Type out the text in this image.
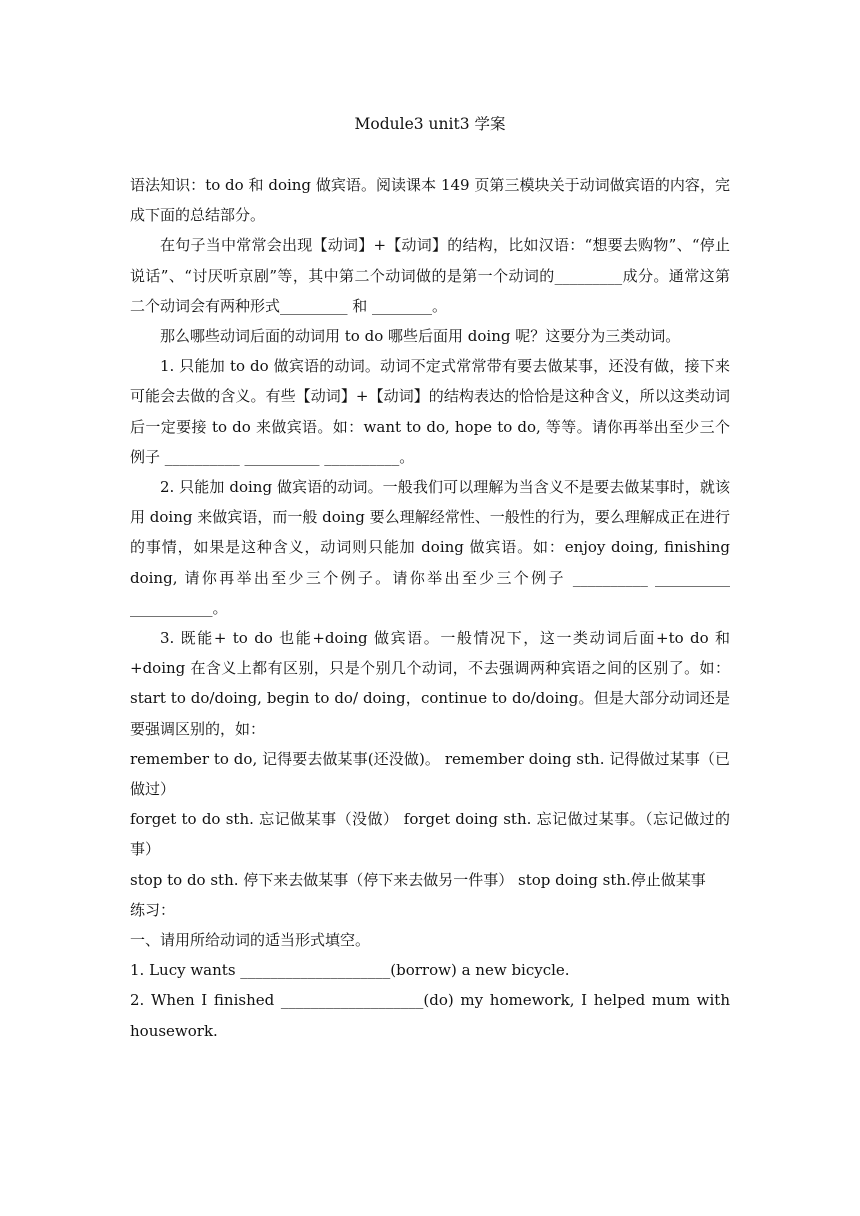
Module3 unit3 学案

语法知识：to do 和 doing 做宾语。阅读课本 149 页第三模块关于动词做宾语的内容，完成下面的总结部分。

在句子当中常常会出现【动词】+【动词】的结构，比如汉语：“想要去购物”、“停止说话”、“讨厌听京剧”等，其中第二个动词做的是第一个动词的_________成分。通常这第二个动词会有两种形式_________ 和 ________。

那么哪些动词后面的动词用 to do 哪些后面用 doing 呢？这要分为三类动词。

1. 只能加 to do 做宾语的动词。动词不定式常常带有要去做某事，还没有做，接下来可能会去做的含义。有些【动词】+【动词】的结构表达的恰恰是这种含义，所以这类动词后一定要接 to do 来做宾语。如：want to do, hope to do, 等等。请你再举出至少三个例子 __________ __________ __________。

2. 只能加 doing 做宾语的动词。一般我们可以理解为当含义不是要去做某事时，就该用 doing 来做宾语，而一般 doing 要么理解经常性、一般性的行为，要么理解成正在进行的事情，如果是这种含义，动词则只能加 doing 做宾语。如：enjoy doing, finishing doing, 请你再举出至少三个例子。请你举出至少三个例子 __________ __________ ___________。

3. 既能+ to do 也能+doing 做宾语。一般情况下，这一类动词后面+to do 和+doing 在含义上都有区别，只是个别几个动词，不去强调两种宾语之间的区别了。如： start to do/doing, begin to do/ doing，continue to do/doing。但是大部分动词还是要强调区别的，如：

remember to do, 记得要去做某事(还没做)。 remember doing sth. 记得做过某事（已做过）

forget to do sth. 忘记做某事（没做） forget doing sth. 忘记做过某事。（忘记做过的事）

stop to do sth. 停下来去做某事（停下来去做另一件事） stop doing sth.停止做某事

练习：

一、请用所给动词的适当形式填空。

1. Lucy wants ____________________(borrow) a new bicycle.

2. When I finished ___________________(do) my homework, I helped mum with housework.
